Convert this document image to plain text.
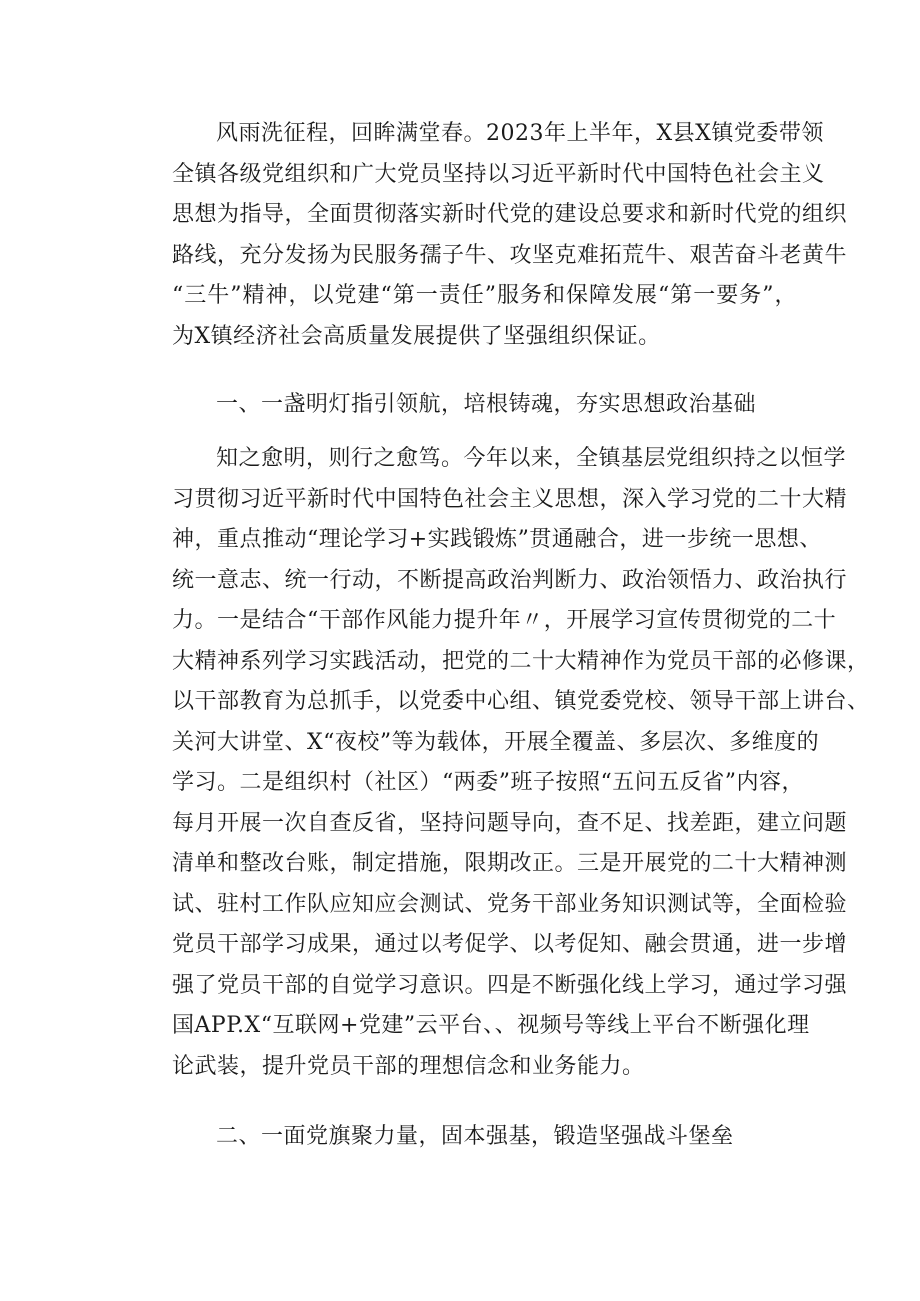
风雨洗征程，回眸满堂春。2023年上半年，X县X镇党委带领
全镇各级党组织和广大党员坚持以习近平新时代中国特色社会主义
思想为指导，全面贯彻落实新时代党的建设总要求和新时代党的组织
路线，充分发扬为民服务孺子牛、攻坚克难拓荒牛、艰苦奋斗老黄牛
“三牛”精神，以党建“第一责任”服务和保障发展“第一要务”，
为X镇经济社会高质量发展提供了坚强组织保证。
一、一盏明灯指引领航，培根铸魂，夯实思想政治基础
知之愈明，则行之愈笃。今年以来，全镇基层党组织持之以恒学
习贯彻习近平新时代中国特色社会主义思想，深入学习党的二十大精
神，重点推动“理论学习+实践锻炼”贯通融合，进一步统一思想、
统一意志、统一行动，不断提高政治判断力、政治领悟力、政治执行
力。一是结合“干部作风能力提升年〃，开展学习宣传贯彻党的二十
大精神系列学习实践活动，把党的二十大精神作为党员干部的必修课，
以干部教育为总抓手，以党委中心组、镇党委党校、领导干部上讲台、
关河大讲堂、X“夜校”等为载体，开展全覆盖、多层次、多维度的
学习。二是组织村（社区）“两委”班子按照“五问五反省”内容，
每月开展一次自查反省，坚持问题导向，查不足、找差距，建立问题
清单和整改台账，制定措施，限期改正。三是开展党的二十大精神测
试、驻村工作队应知应会测试、党务干部业务知识测试等，全面检验
党员干部学习成果，通过以考促学、以考促知、融会贯通，进一步增
强了党员干部的自觉学习意识。四是不断强化线上学习，通过学习强
国APP.X“互联网+党建”云平台、、视频号等线上平台不断强化理
论武装，提升党员干部的理想信念和业务能力。
二、一面党旗聚力量，固本强基，锻造坚强战斗堡垒
